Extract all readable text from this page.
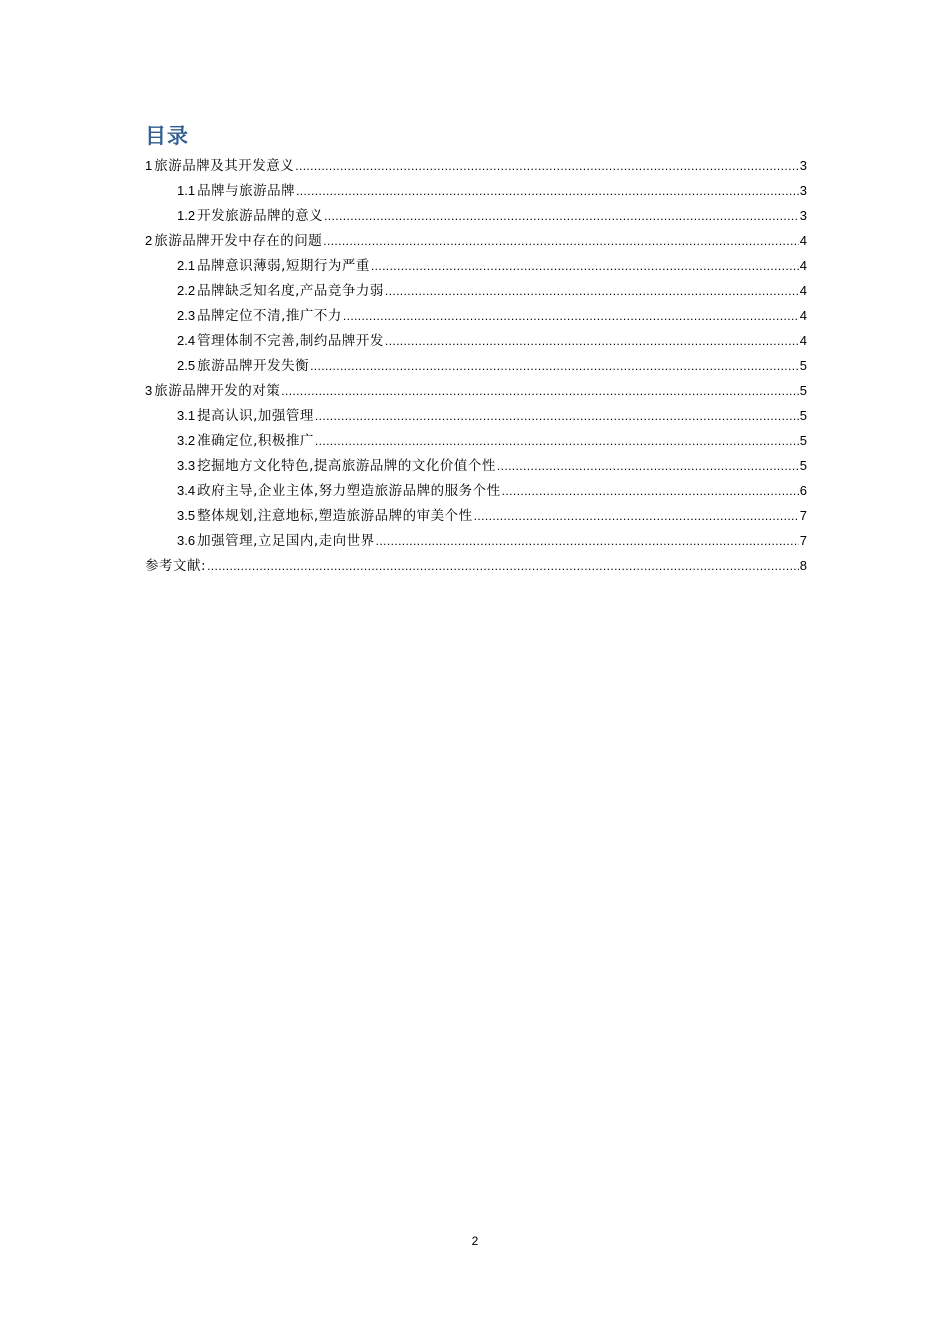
目录
1 旅游品牌及其开发意义 .....	3
1.1 品牌与旅游品牌 .....	3
1.2 开发旅游品牌的意义 .....	3
2 旅游品牌开发中存在的问题 .....	4
2.1 品牌意识薄弱,短期行为严重 .....	4
2.2 品牌缺乏知名度,产品竞争力弱 .....	4
2.3 品牌定位不清,推广不力 .....	4
2.4 管理体制不完善,制约品牌开发 .....	4
2.5 旅游品牌开发失衡 .....	5
3 旅游品牌开发的对策 .....	5
3.1 提高认识,加强管理 .....	5
3.2 准确定位,积极推广 .....	5
3.3 挖掘地方文化特色,提高旅游品牌的文化价值个性 .....	5
3.4 政府主导,企业主体,努力塑造旅游品牌的服务个性 .....	6
3.5 整体规划,注意地标,塑造旅游品牌的审美个性 .....	7
3.6 加强管理,立足国内,走向世界 .....	7
参考文献: .....	8
2
